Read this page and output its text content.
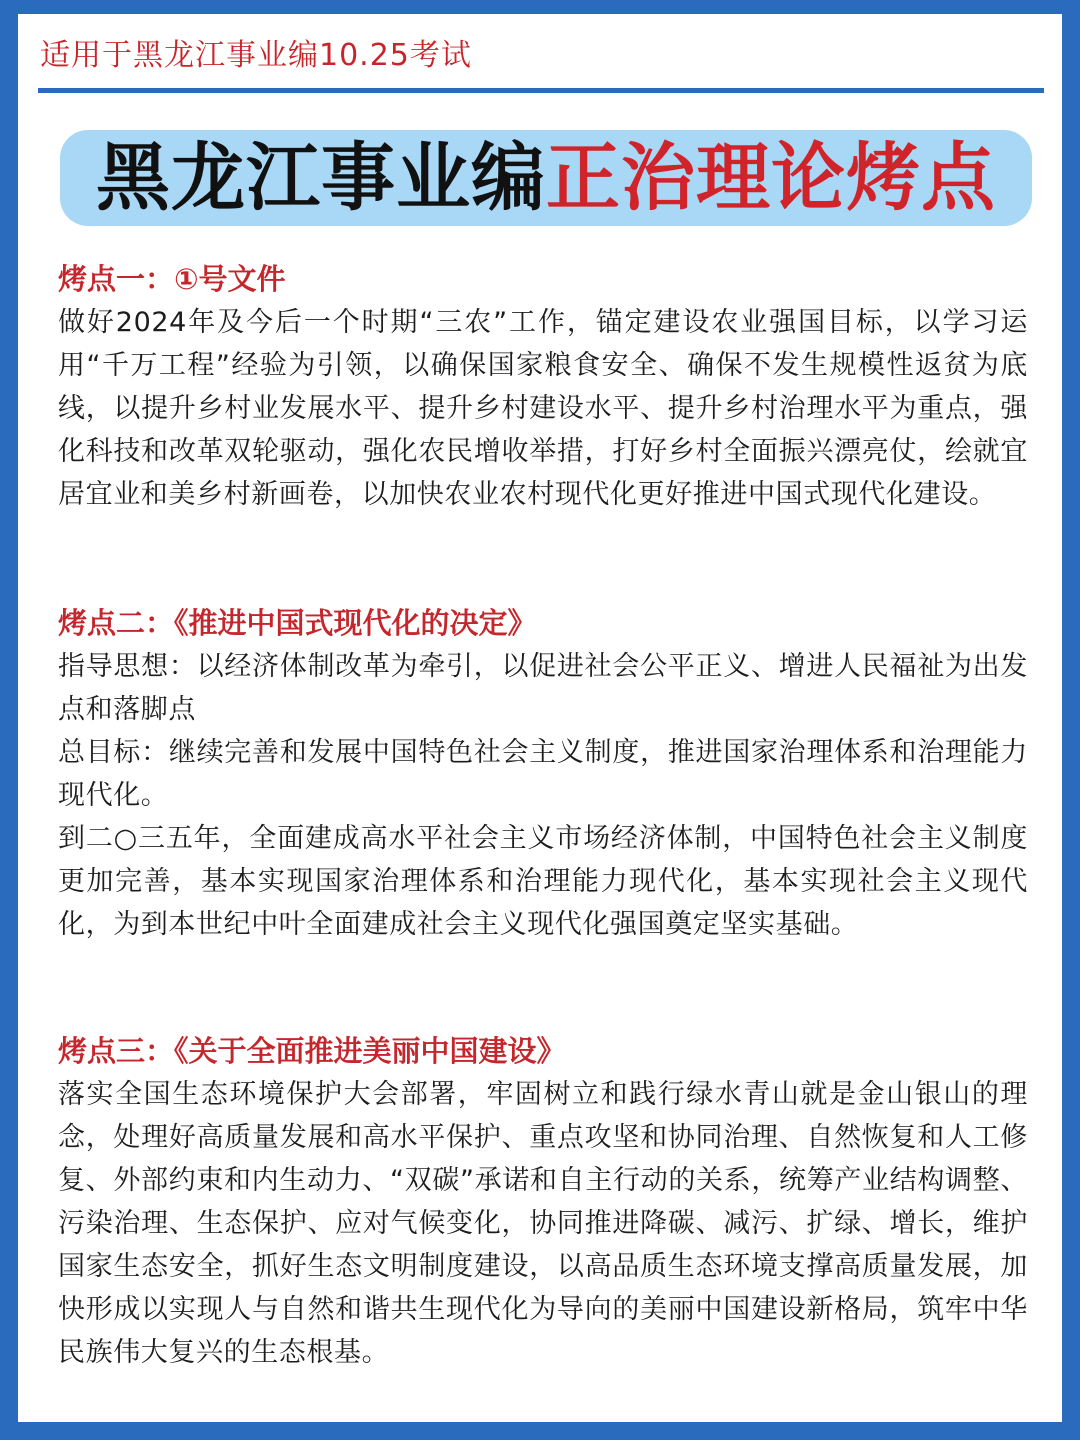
适用于黑龙江事业编10.25考试
黑龙江事业编 正治理论烤点
烤点一：①号文件

做好2024年及今后一个时期“三农”工作，锚定建设农业强国目标，以学习运用“千万工程”经验为引领，以确保国家粮食安全、确保不发生规模性返贫为底线，以提升乡村业发展水平、提升乡村建设水平、提升乡村治理水平为重点，强化科技和改革双轮驱动，强化农民增收举措，打好乡村全面振兴漂亮仗，绘就宜居宜业和美乡村新画卷，以加快农业农村现代化更好推进中国式现代化建设。

烤点二：《推进中国式现代化的决定》

指导思想：以经济体制改革为牵引，以促进社会公平正义、增进人民福祉为出发点和落脚点

总目标：继续完善和发展中国特色社会主义制度，推进国家治理体系和治理能力现代化。

到二○三五年，全面建成高水平社会主义市场经济体制，中国特色社会主义制度更加完善，基本实现国家治理体系和治理能力现代化，基本实现社会主义现代化，为到本世纪中叶全面建成社会主义现代化强国奠定坚实基础。

烤点三：《关于全面推进美丽中国建设》

落实全国生态环境保护大会部署，牢固树立和践行绿水青山就是金山银山的理念，处理好高质量发展和高水平保护、重点攻坚和协同治理、自然恢复和人工修复、外部约束和内生动力、“双碳”承诺和自主行动的关系，统筹产业结构调整、污染治理、生态保护、应对气候变化，协同推进降碳、减污、扩绿、增长，维护国家生态安全，抓好生态文明制度建设，以高品质生态环境支撑高质量发展，加快形成以实现人与自然和谐共生现代化为导向的美丽中国建设新格局，筑牢中华民族伟大复兴的生态根基。
